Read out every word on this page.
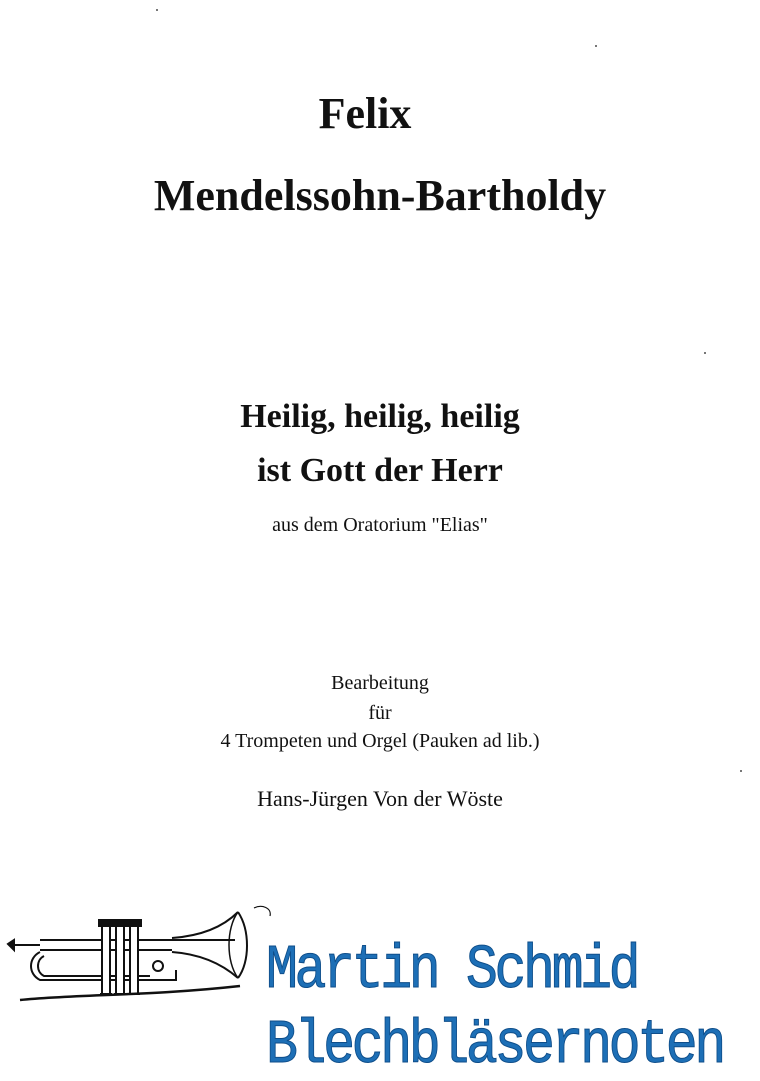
Felix
Mendelssohn-Bartholdy
Heilig, heilig, heilig
ist Gott der Herr
aus dem Oratorium "Elias"
Bearbeitung
für
4 Trompeten und Orgel (Pauken ad lib.)
Hans-Jürgen Von der Wöste
Martin Schmid
Blechbläsernoten
